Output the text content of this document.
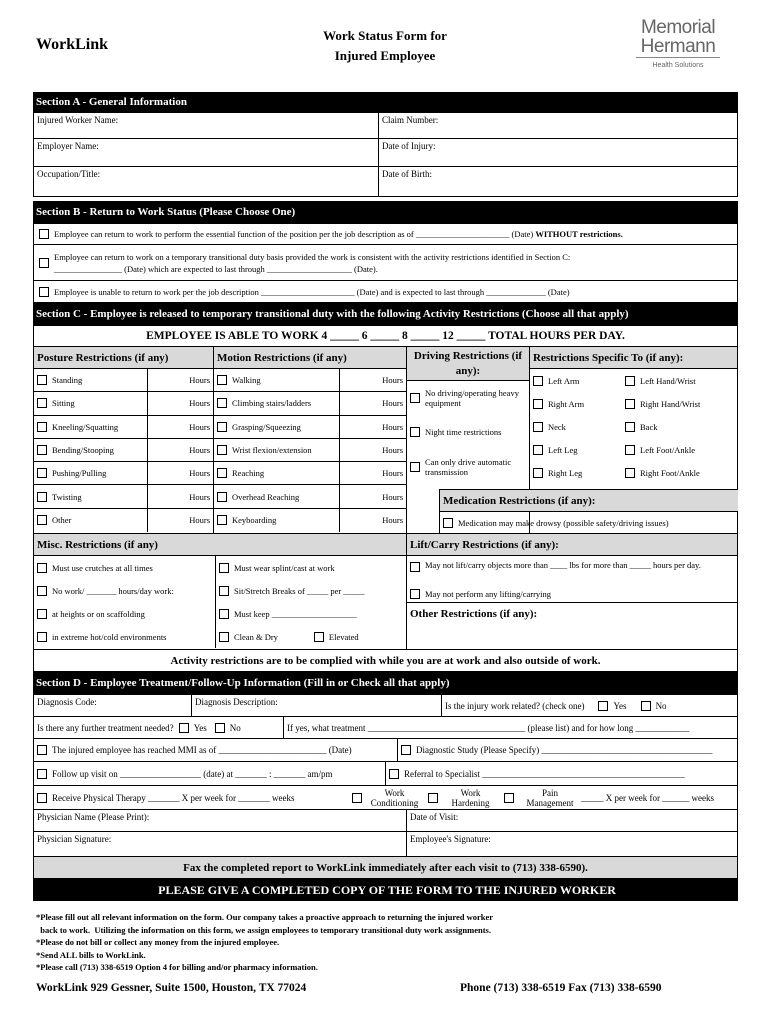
WorkLink
Work Status Form for
Injured Employee
Memorial
Hermann
Health Solutions
Section A - General Information
Injured Worker Name:	Claim Number:
Employer Name:	Date of Injury:
Occupation/Title:	Date of Birth:
Section B - Return to Work Status (Please Choose One)
Employee can return to work to perform the essential function of the position per the job description as of ______________________ (Date)
WITHOUT restrictions.
Employee can return to work on a temporary transitional duty basis provided the work is consistent with the activity restrictions identified in Section C:
________________ (Date) which are expected to last through ____________________ (Date).
Employee is unable to return to work per the job description ______________________ (Date) and is expected to last through ______________ (Date)
Section C - Employee is released to temporary transitional duty with the following Activity Restrictions (Choose all that apply)
EMPLOYEE IS ABLE TO WORK 4 _____ 6 _____ 8 _____ 12 _____ TOTAL HOURS PER DAY.
Posture Restrictions (if any)
Standing	Hours
Sitting	Hours
Kneeling/Squatting	Hours
Bending/Stooping	Hours
Pushing/Pulling	Hours
Twisting	Hours
Other	Hours
Motion Restrictions (if any)
Walking	Hours
Climbing stairs/ladders	Hours
Grasping/Squeezing	Hours
Wrist flexion/extension	Hours
Reaching	Hours
Overhead Reaching	Hours
Keyboarding	Hours
Driving Restrictions (if any):
No driving/operating heavy equipment
Night time restrictions
Can only drive automatic transmission
Restrictions Specific To (if any):
Left Arm	Left Hand/Wrist
Right Arm	Right Hand/Wrist
Neck	Back
Left Leg	Left Foot/Ankle
Right Leg	Right Foot/Ankle
Medication Restrictions (if any):
Medication may make drowsy (possible safety/driving issues)
Misc. Restrictions (if any)
Must use crutches at all times	Must wear splint/cast at work
No work/ _______ hours/day work:	Sit/Stretch Breaks of _____ per _____
at heights or on scaffolding	Must keep ____________________
in extreme hot/cold environments	Clean & Dry	Elevated
Lift/Carry Restrictions (if any):
May not lift/carry objects more than ____ lbs for more than _____ hours per day.
May not perform any lifting/carrying
Other Restrictions (if any):
Activity restrictions are to be complied with while you are at work and also outside of work.
Section D - Employee Treatment/Follow-Up Information (Fill in or Check all that apply)
Diagnosis Code:	Diagnosis Description:	Is the injury work related? (check one)	Yes	No
Is there any further treatment needed? Yes	No	If yes, what treatment ___________________________________ (please list) and for how long ____________
The injured employee has reached MMI as of ________________________ (Date)	Diagnostic Study (Please Specify) ______________________________________
Follow up visit on __________________ (date) at _______ : _______ am/pm	Referral to Specialist _____________________________________________
Receive Physical Therapy _______ X per week for _______ weeks	Work
Conditioning
Work
Hardening
Pain
Management _____ X per week for ______ weeks
Physician Name (Please Print):	Date of Visit:
Physician Signature:	Employee's Signature:
Fax the completed report to WorkLink immediately after each visit to (713) 338-6590).
PLEASE GIVE A COMPLETED COPY OF THE FORM TO THE INJURED WORKER
*Please fill out all relevant information on the form. Our company takes a proactive approach to returning the injured worker
back to work.  Utilizing the information on this form, we assign employees to temporary transitional duty work assignments.
*Please do not bill or collect any money from the injured employee.
*Send ALL bills to WorkLink.
*Please call (713) 338-6519 Option 4 for billing and/or pharmacy information.
WorkLink 929 Gessner, Suite 1500, Houston, TX 77024	Phone (713) 338-6519 Fax (713) 338-6590
